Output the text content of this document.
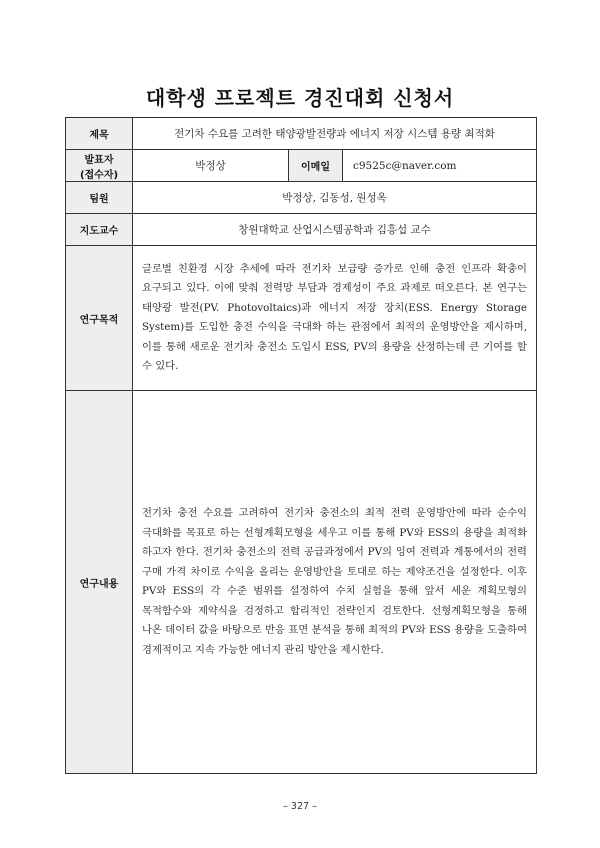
대학생 프로젝트 경진대회 신청서
제목	전기차 수요를 고려한 태양광발전량과 에너지 저장 시스템 용량 최적화		

발표자
(접수자)	박정상	이메일	c9525c@naver.com
팀원	박정상, 김동성, 원성옥		
지도교수	창원대학교 산업시스템공학과 김흥섭 교수		
연구목적	글로벌 친환경 시장 추세에 따라 전기차 보급량 증가로 인해 충전 인프라 확충이 요구되고 있다. 이에 맞춰 전력망 부담과 경제성이 주요 과제로 떠오른다. 본 연구는 태양광 발전(PV. Photovoltaics)과 에너지 저장 장치(ESS. Energy Storage System)를 도입한 충전 수익을 극대화 하는 관점에서 최적의 운영방안을 제시하며, 이를 통해 새로운 전기차 충전소 도입시 ESS, PV의 용량을 산정하는데 큰 기여를 할 수 있다.		
연구내용	전기차 충전 수요를 고려하여 전기차 충전소의 최적 전력 운영방안에 따라 순수익 극대화를 목표로 하는 선형계획모형을 세우고 이를 통해 PV와 ESS의 용량을 최적화 하고자 한다. 전기차 충전소의 전력 공급과정에서 PV의 잉여 전력과 계통에서의 전력 구매 가격 차이로 수익을 올리는 운영방안을 토대로 하는 제약조건을 설정한다. 이후 PV와 ESS의 각 수준 범위를 설정하여 수치 실험을 통해 앞서 세운 계획모형의 목적함수와 제약식을 검정하고 합리적인 전략인지 검토한다. 선형계획모형을 통해 나온 데이터 값을 바탕으로 반응 표면 분석을 통해 최적의 PV와 ESS 용량을 도출하여 경제적이고 지속 가능한 에너지 관리 방안을 제시한다.		
– 327 –
